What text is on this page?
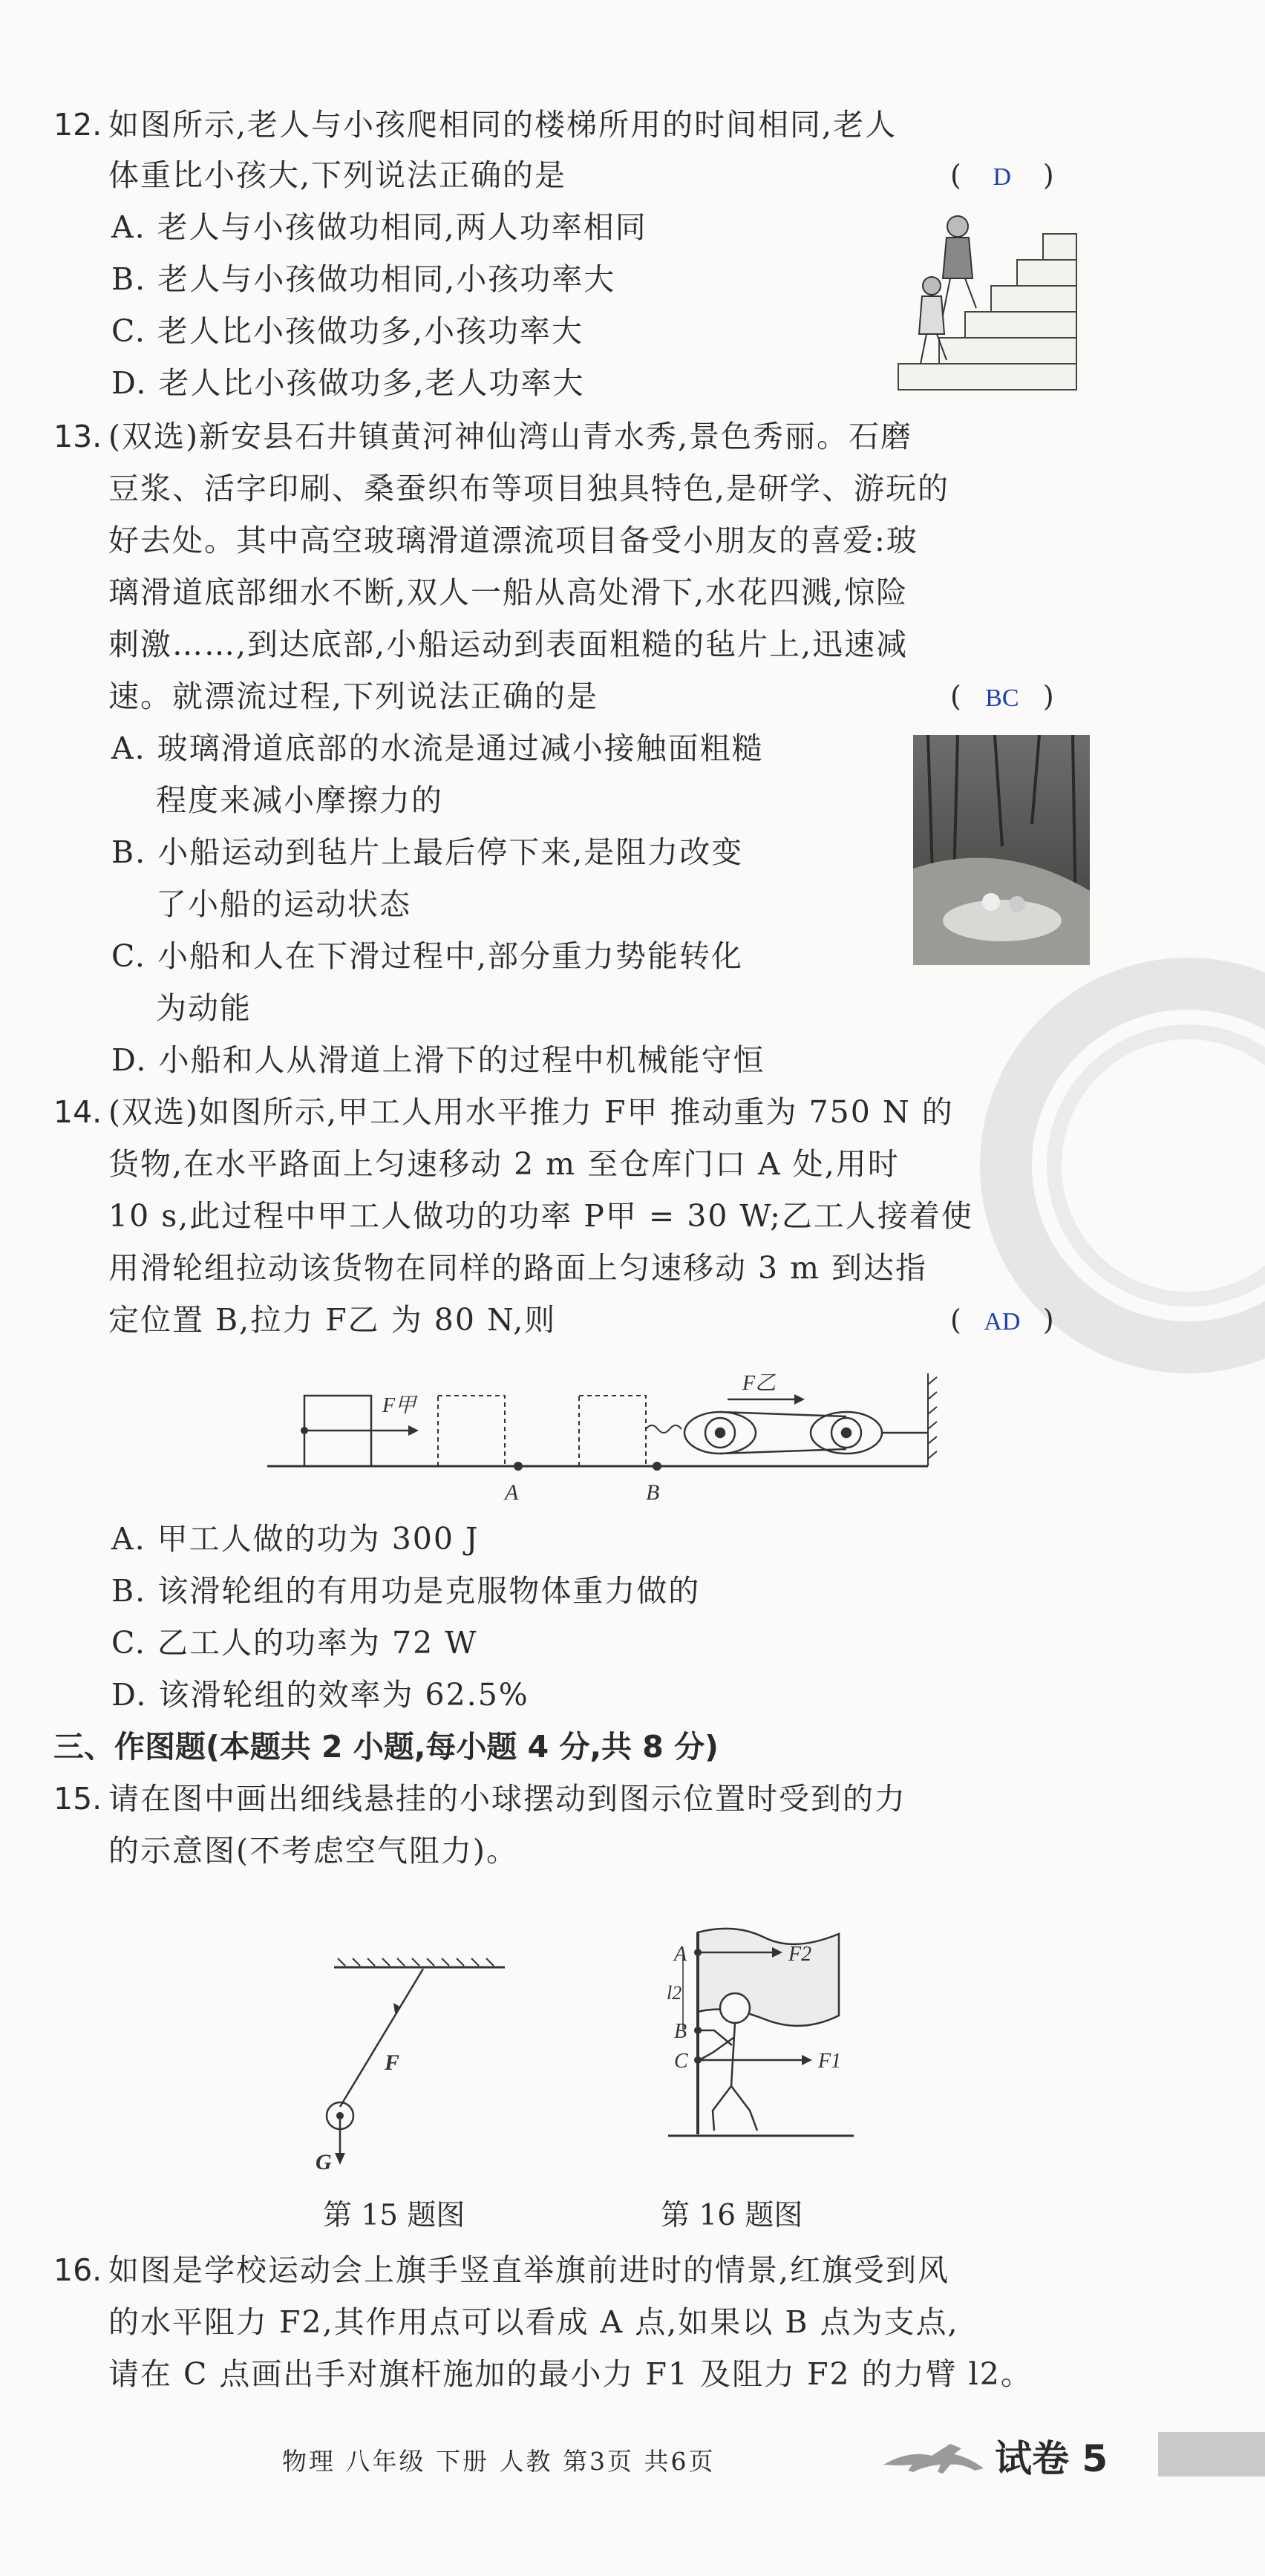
12. 如图所示,老人与小孩爬相同的楼梯所用的时间相同,老人
体重比小孩大,下列说法正确的是	( D )
A. 老人与小孩做功相同,两人功率相同
B. 老人与小孩做功相同,小孩功率大
C. 老人比小孩做功多,小孩功率大
D. 老人比小孩做功多,老人功率大
13. (双选)新安县石井镇黄河神仙湾山青水秀,景色秀丽。石磨
豆浆、活字印刷、桑蚕织布等项目独具特色,是研学、游玩的
好去处。其中高空玻璃滑道漂流项目备受小朋友的喜爱:玻
璃滑道底部细水不断,双人一船从高处滑下,水花四溅,惊险
刺激……,到达底部,小船运动到表面粗糙的毡片上,迅速减
速。就漂流过程,下列说法正确的是	( BC )
A. 玻璃滑道底部的水流是通过减小接触面粗糙
程度来减小摩擦力的
B. 小船运动到毡片上最后停下来,是阻力改变
了小船的运动状态
C. 小船和人在下滑过程中,部分重力势能转化
为动能
D. 小船和人从滑道上滑下的过程中机械能守恒
14. (双选)如图所示,甲工人用水平推力 F甲 推动重为 750 N 的
货物,在水平路面上匀速移动 2 m 至仓库门口 A 处,用时
10 s,此过程中甲工人做功的功率 P甲 = 30 W;乙工人接着使
用滑轮组拉动该货物在同样的路面上匀速移动 3 m 到达指
定位置 B,拉力 F乙 为 80 N,则	( AD )
F甲
A	B
F乙
A. 甲工人做的功为 300 J
B. 该滑轮组的有用功是克服物体重力做的
C. 乙工人的功率为 72 W
D. 该滑轮组的效率为 62.5%
三、作图题(本题共 2 小题,每小题 4 分,共 8 分)
15. 请在图中画出细线悬挂的小球摆动到图示位置时受到的力
的示意图(不考虑空气阻力)。
F
G
第 15 题图
A	F2
l2
B
C	F1
第 16 题图
16. 如图是学校运动会上旗手竖直举旗前进时的情景,红旗受到风
的水平阻力 F2,其作用点可以看成 A 点,如果以 B 点为支点,
请在 C 点画出手对旗杆施加的最小力 F1 及阻力 F2 的力臂 l2。
物理 八年级 下册 人教 第3页 共6页	试卷 5
